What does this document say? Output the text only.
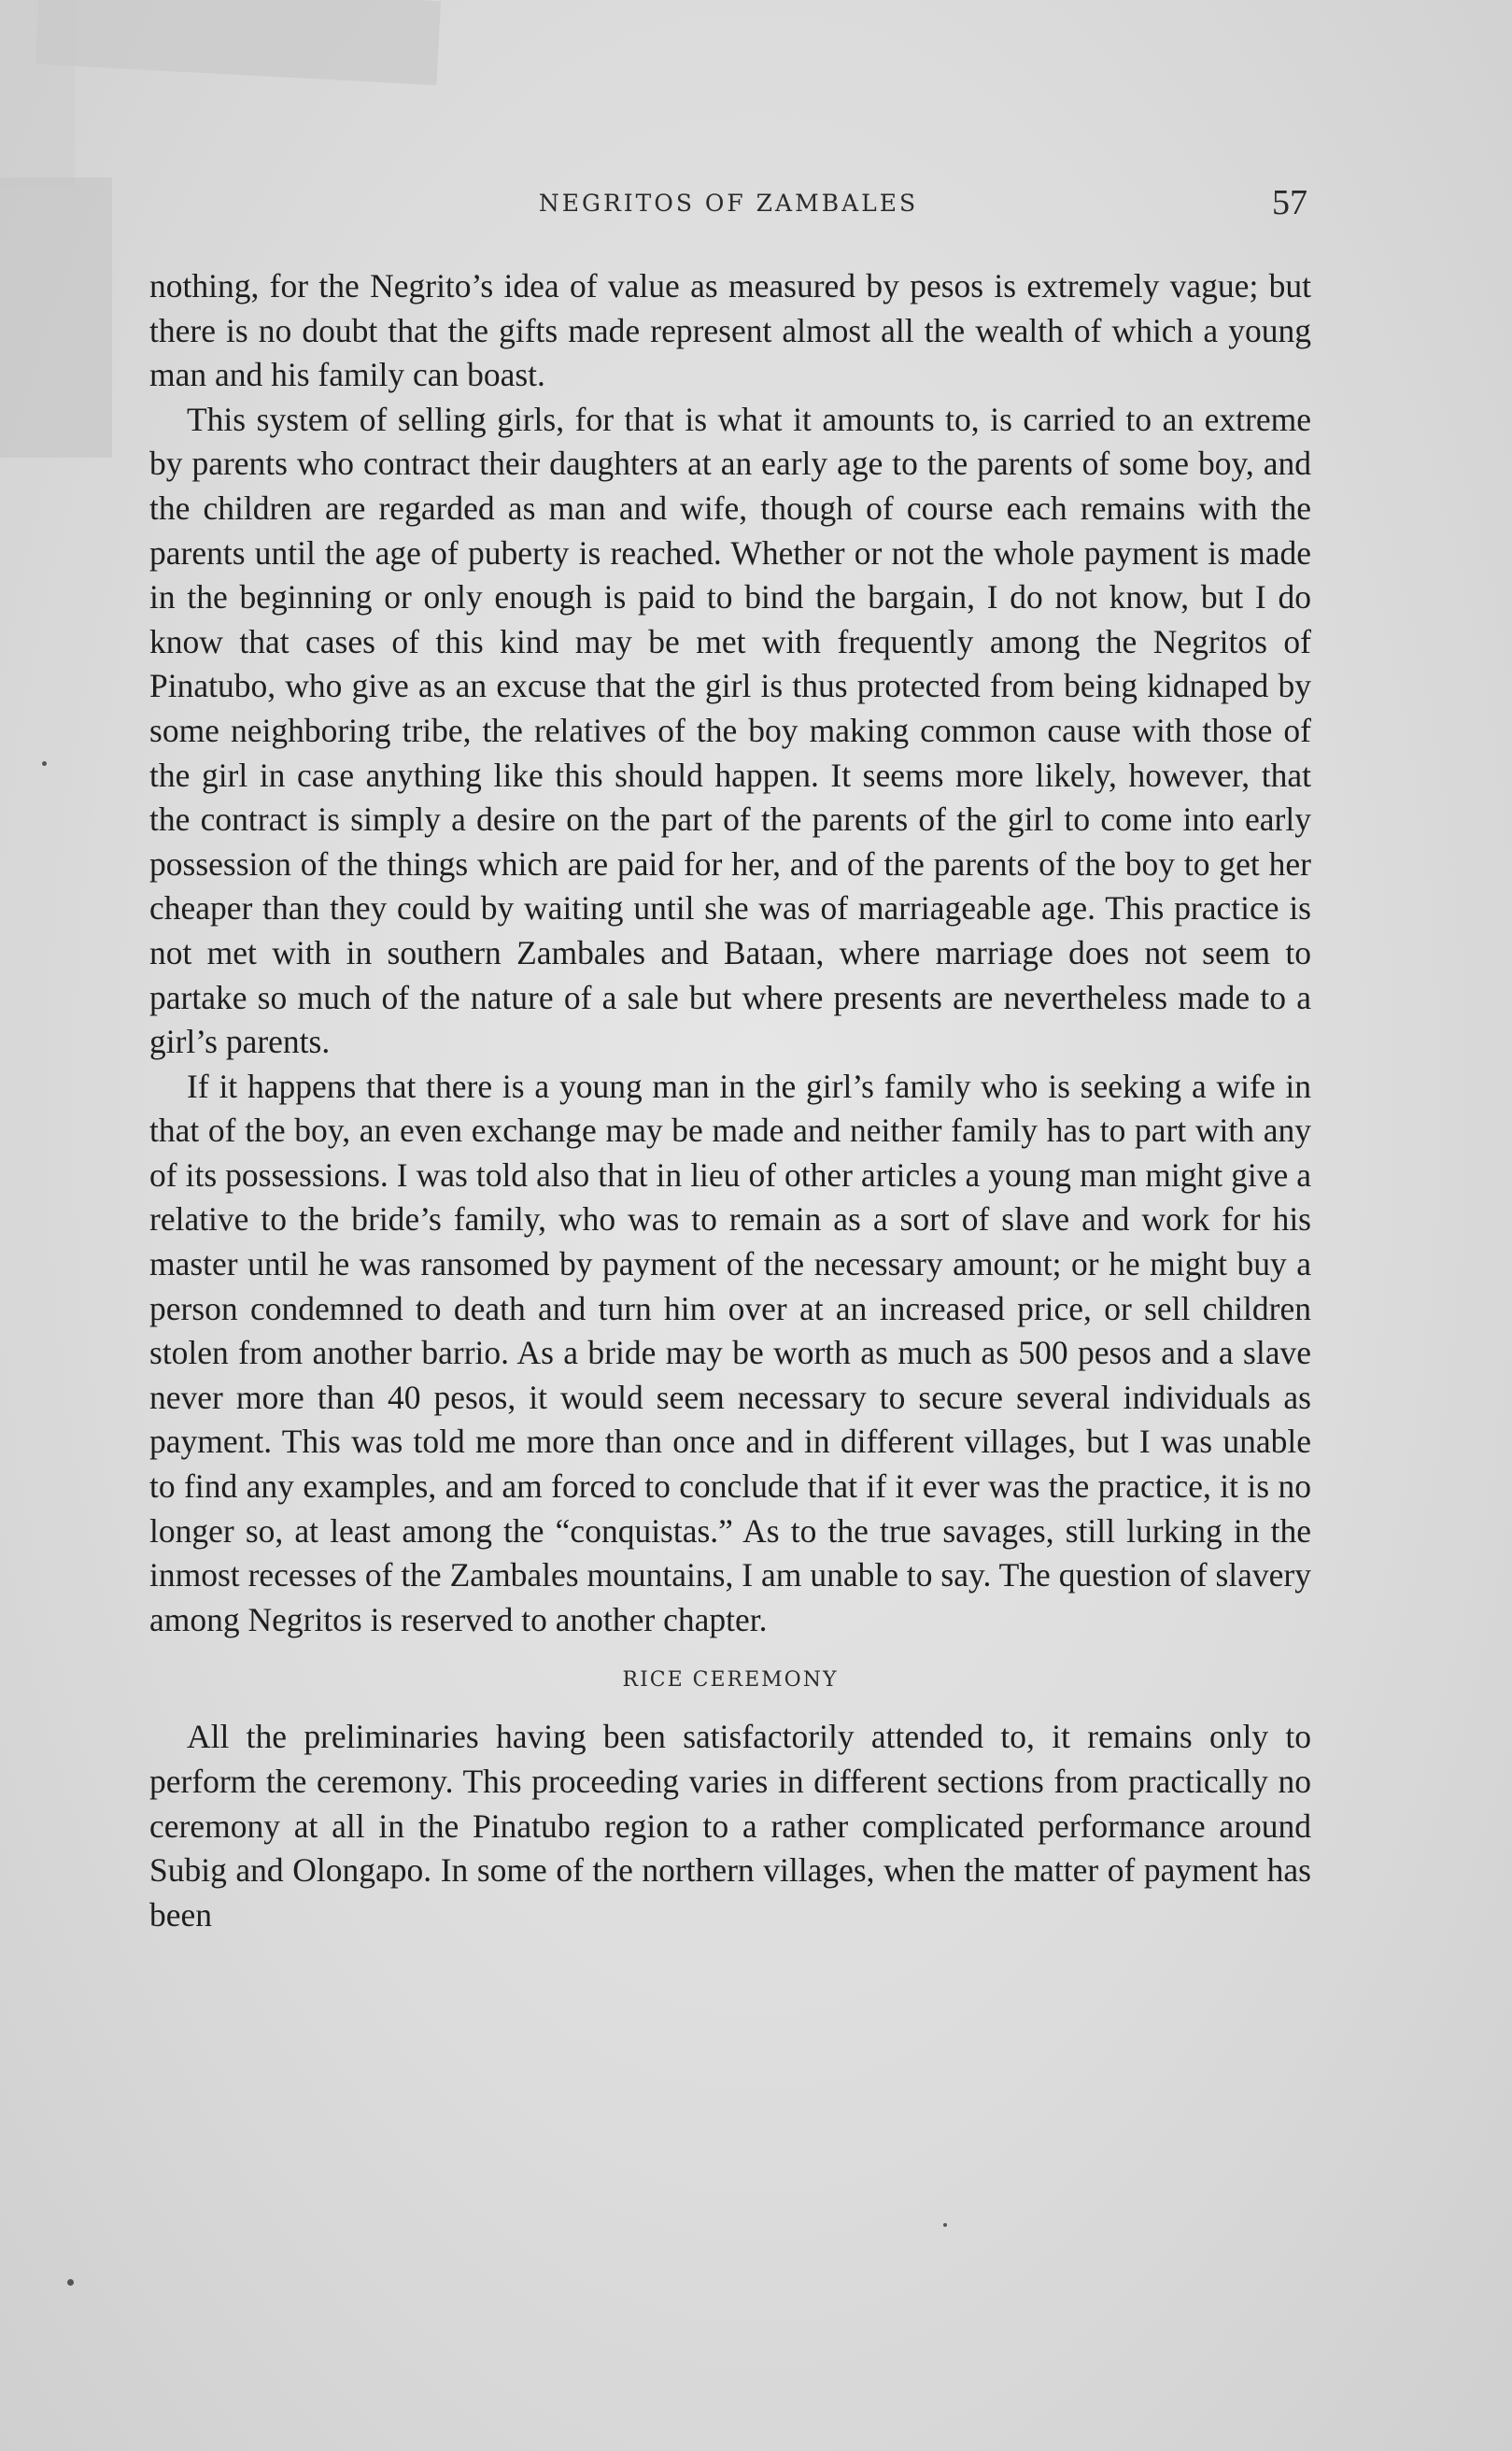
NEGRITOS OF ZAMBALES	57

nothing, for the Negrito’s idea of value as measured by pesos is extremely vague; but there is no doubt that the gifts made represent almost all the wealth of which a young man and his family can boast.

This system of selling girls, for that is what it amounts to, is carried to an extreme by parents who contract their daughters at an early age to the parents of some boy, and the children are regarded as man and wife, though of course each remains with the parents until the age of puberty is reached. Whether or not the whole payment is made in the beginning or only enough is paid to bind the bargain, I do not know, but I do know that cases of this kind may be met with frequently among the Negritos of Pinatubo, who give as an excuse that the girl is thus protected from being kidnaped by some neighboring tribe, the relatives of the boy making common cause with those of the girl in case anything like this should happen. It seems more likely, however, that the contract is simply a desire on the part of the parents of the girl to come into early possession of the things which are paid for her, and of the parents of the boy to get her cheaper than they could by waiting until she was of marriageable age. This practice is not met with in southern Zambales and Bataan, where marriage does not seem to partake so much of the nature of a sale but where presents are nevertheless made to a girl’s parents.

If it happens that there is a young man in the girl’s family who is seeking a wife in that of the boy, an even exchange may be made and neither family has to part with any of its possessions. I was told also that in lieu of other articles a young man might give a relative to the bride’s family, who was to remain as a sort of slave and work for his master until he was ransomed by payment of the necessary amount; or he might buy a person condemned to death and turn him over at an increased price, or sell children stolen from another barrio. As a bride may be worth as much as 500 pesos and a slave never more than 40 pesos, it would seem necessary to secure several individuals as payment. This was told me more than once and in different villages, but I was unable to find any examples, and am forced to conclude that if it ever was the practice, it is no longer so, at least among the “conquistas.” As to the true savages, still lurking in the inmost recesses of the Zambales mountains, I am unable to say. The question of slavery among Negritos is reserved to another chapter.

RICE CEREMONY

All the preliminaries having been satisfactorily attended to, it remains only to perform the ceremony. This proceeding varies in different sections from practically no ceremony at all in the Pinatubo region to a rather complicated performance around Subig and Olongapo. In some of the northern villages, when the matter of payment has been
